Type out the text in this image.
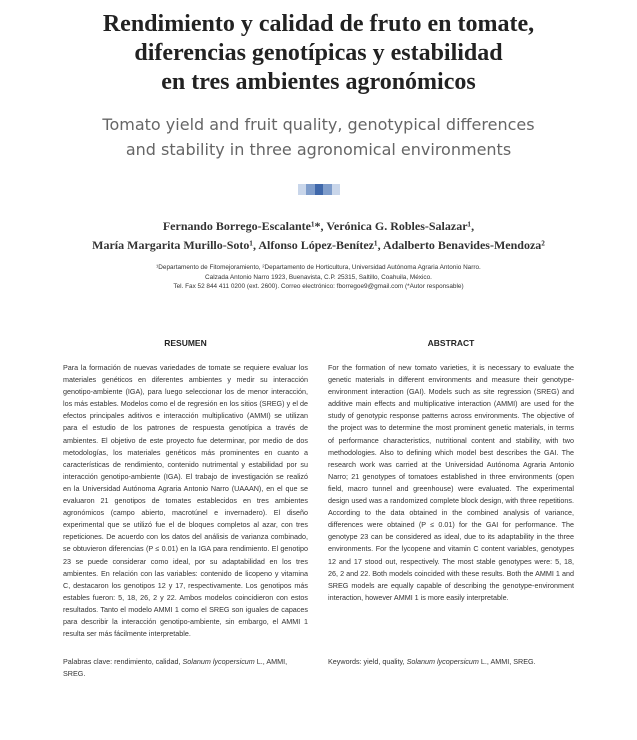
Rendimiento y calidad de fruto en tomate,
diferencias genotípicas y estabilidad
en tres ambientes agronómicos
Tomato yield and fruit quality, genotypical differences
and stability in three agronomical environments
Fernando Borrego-Escalante¹*, Verónica G. Robles-Salazar¹,
María Margarita Murillo-Soto¹, Alfonso López-Benítez¹, Adalberto Benavides-Mendoza²
¹Departamento de Fitomejoramiento, ²Departamento de Horticultura, Universidad Autónoma Agraria Antonio Narro.
Calzada Antonio Narro 1923, Buenavista, C.P. 25315, Saltillo, Coahuila, México.
Tel. Fax 52 844 411 0200 (ext. 2600). Correo electrónico: fborregoe9@gmail.com (*Autor responsable)
RESUMEN	ABSTRACT

Para la formación de nuevas variedades de tomate se requiere evaluar los materiales genéticos en diferentes ambientes y medir su interacción genotipo-ambiente (IGA), para luego seleccionar los de menor interacción, los más estables. Modelos como el de regresión en los sitios (SREG) y el de efectos principales aditivos e interacción multiplicativo (AMMI) se utilizan para el estudio de los patrones de respuesta genotípica a través de ambientes. El objetivo de este proyecto fue determinar, por medio de dos metodologías, los materiales genéticos más prominentes en cuanto a características de rendimiento, contenido nutrimental y estabilidad por su interacción genotipo-ambiente (IGA). El trabajo de investigación se realizó en la Universidad Autónoma Agraria Antonio Narro (UAAAN), en el que se evaluaron 21 genotipos de tomates establecidos en tres ambientes agronómicos (campo abierto, macrotúnel e invernadero). El diseño experimental que se utilizó fue el de bloques completos al azar, con tres repeticiones. De acuerdo con los datos del análisis de varianza combinado, se obtuvieron diferencias (P ≤ 0.01) en la IGA para rendimiento. El genotipo 23 se puede considerar como ideal, por su adaptabilidad en los tres ambientes. En relación con las variables: contenido de licopeno y vitamina C, destacaron los genotipos 12 y 17, respectivamente. Los genotipos más estables fueron: 5, 18, 26, 2 y 22. Ambos modelos coincidieron con estos resultados. Tanto el modelo AMMI 1 como el SREG son iguales de capaces para describir la interacción genotipo-ambiente, sin embargo, el AMMI 1 resulta ser más fácilmente interpretable.

For the formation of new tomato varieties, it is necessary to evaluate the genetic materials in different environments and measure their genotype-environment interaction (GAI). Models such as site regression (SREG) and additive main effects and multiplicative interaction (AMMI) are used for the study of genotypic response patterns across environments. The objective of the project was to determine the most prominent genetic materials, in terms of performance characteristics, nutritional content and stability, with two methodologies. Also to defining which model best describes the GAI. The research work was carried at the Universidad Autónoma Agraria Antonio Narro; 21 genotypes of tomatoes established in three environments (open field, macro tunnel and greenhouse) were evaluated. The experimental design used was a randomized complete block design, with three repetitions. According to the data obtained in the combined analysis of variance, differences were obtained (P ≤ 0.01) for the GAI for performance. The genotype 23 can be considered as ideal, due to its adaptability in the three environments. For the lycopene and vitamin C content variables, genotypes 12 and 17 stood out, respectively. The most stable genotypes were: 5, 18, 26, 2 and 22. Both models coincided with these results. Both the AMMI 1 and SREG models are equally capable of describing the genotype-environment interaction, however AMMI 1 is more easily interpretable.

Palabras clave: rendimiento, calidad, Solanum lycopersicum L., AMMI, SREG.
Keywords: yield, quality, Solanum lycopersicum L., AMMI, SREG.
